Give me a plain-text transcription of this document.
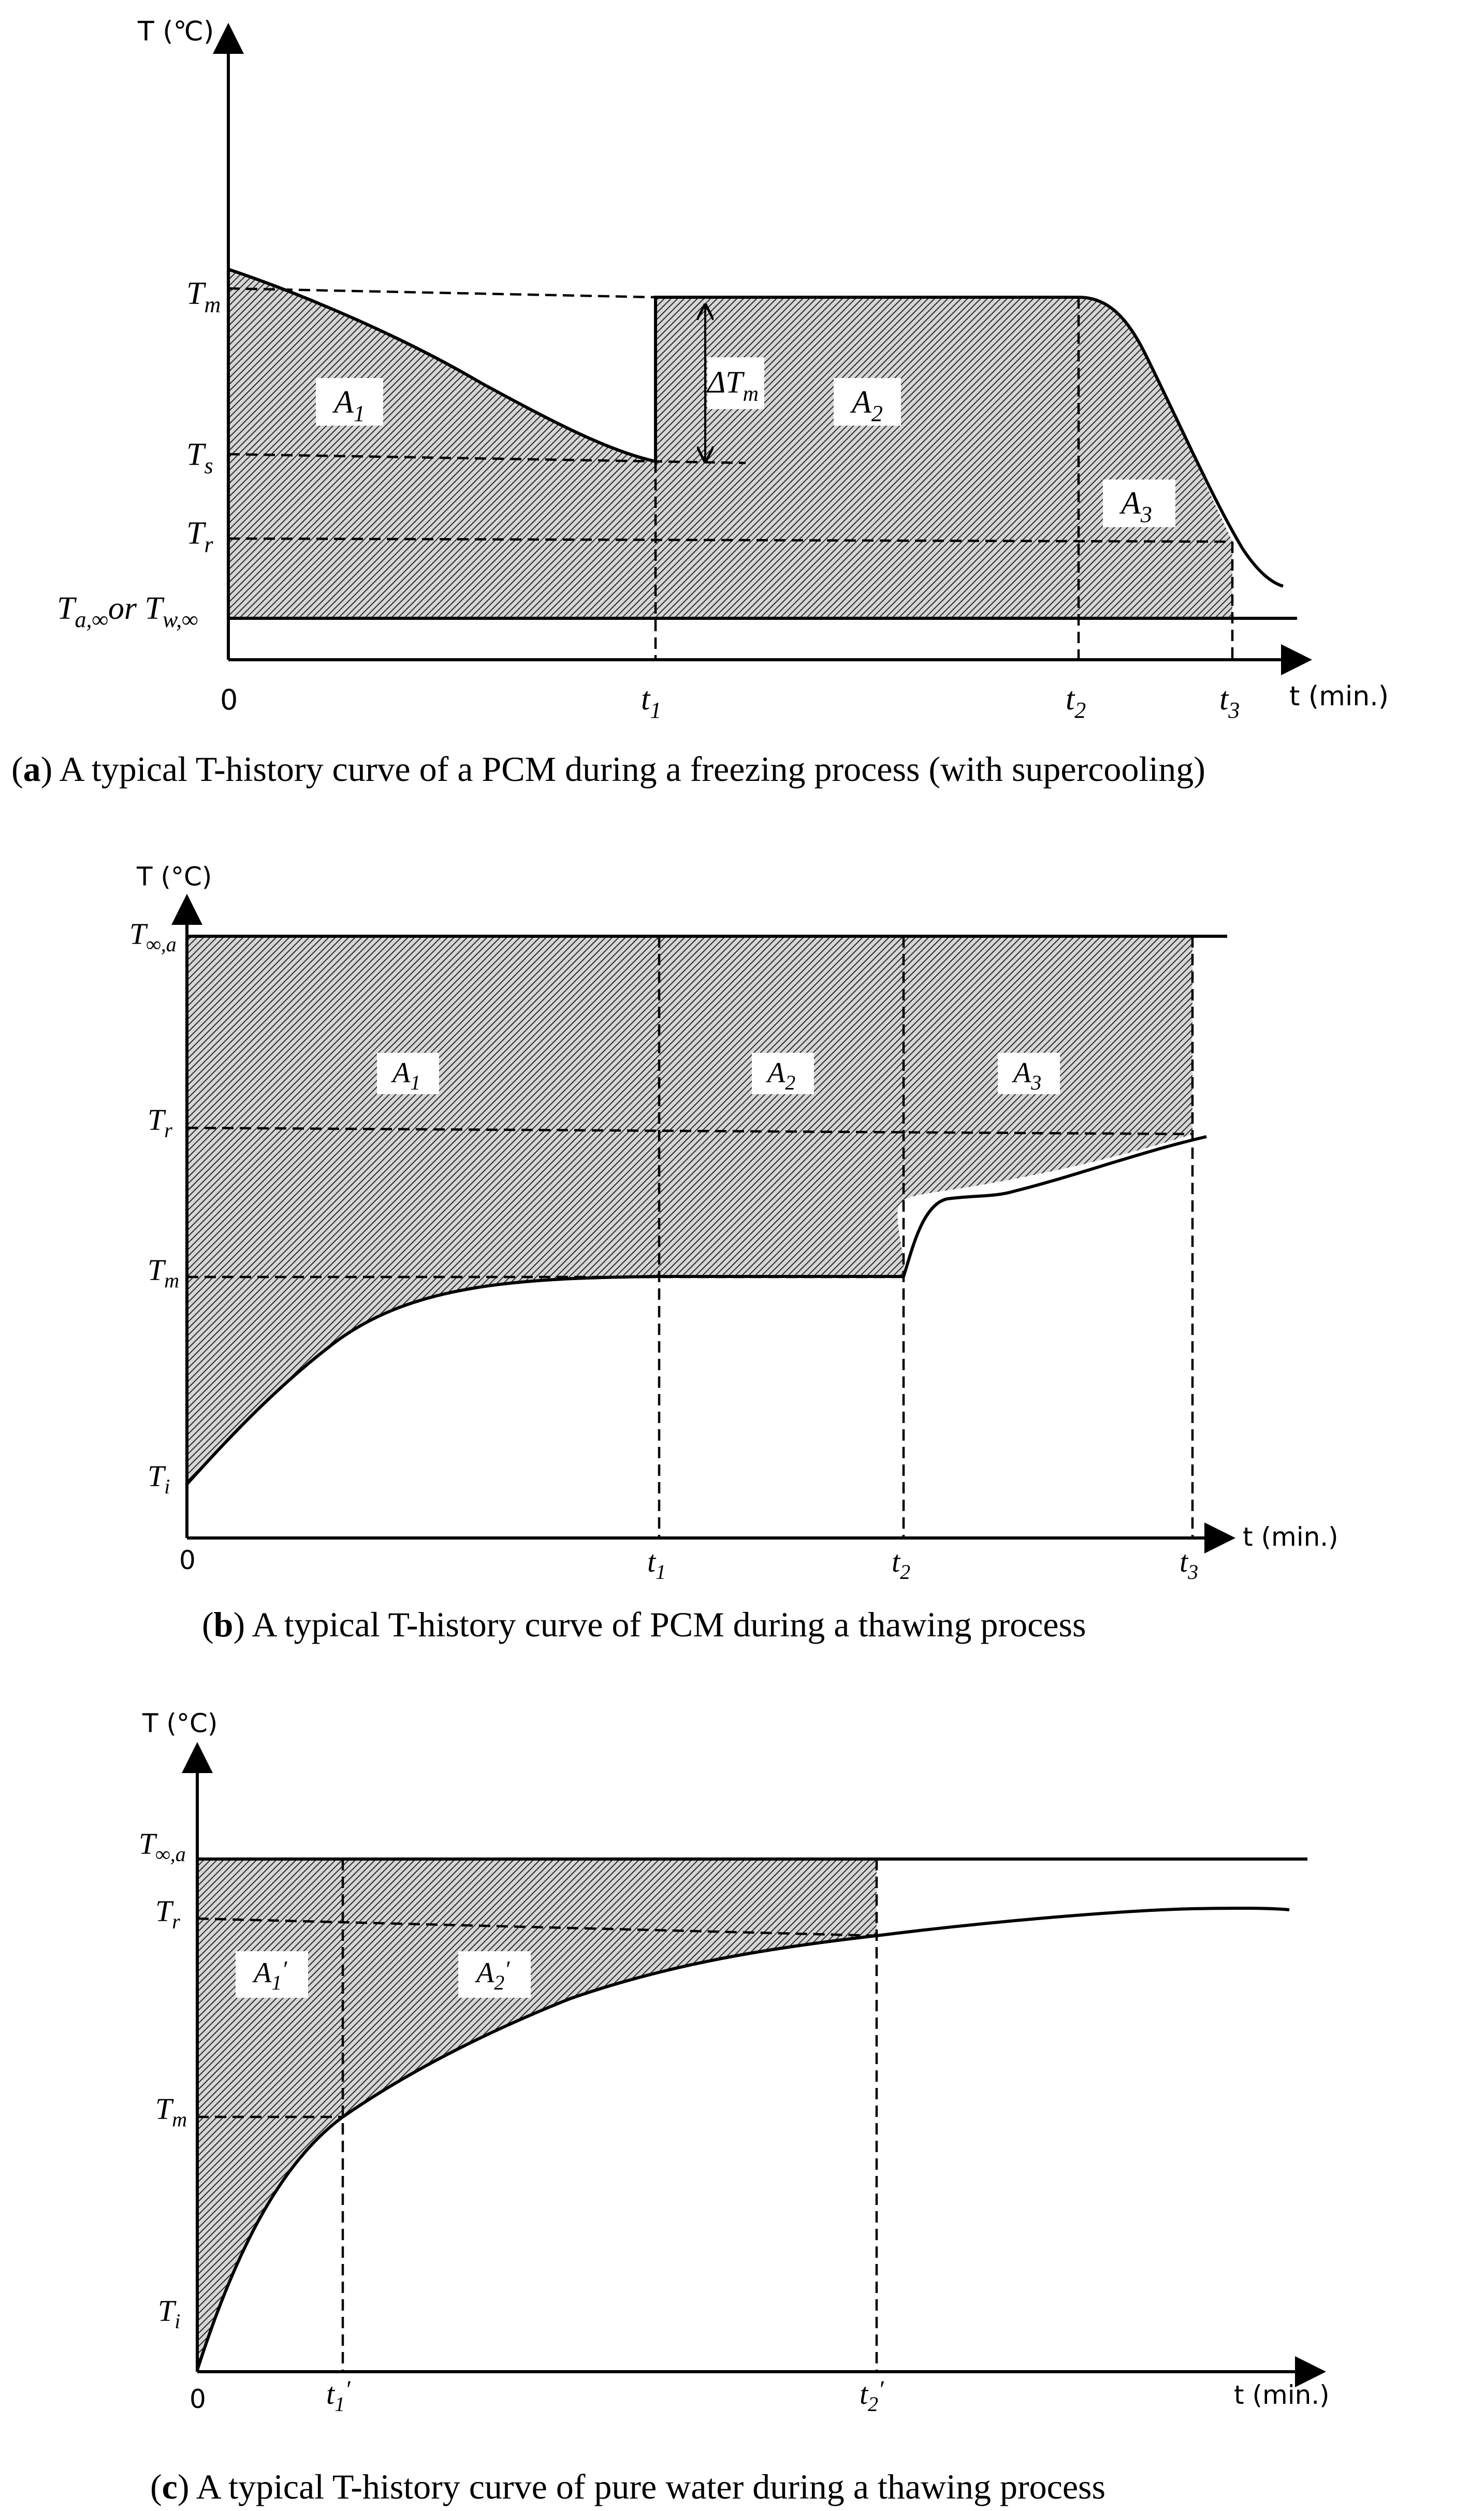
T (℃)
$T_m$
$T_s$
$T_r$
$T_{a,\infty}or$ $T_{w,\infty}$
0	$t_1$	$t_2$	$t_3$ t (min.)
$A_1$	$A_2$
$A_3$
$\Delta T_m$
(a) A typical T-history curve of a PCM during a freezing process (with supercooling)
T (°C)
$T_{\infty,a}$
$T_r$
$T_m$
$T_i$
0	$t_1$	$t_2$	$t_3$
t (min.)
$A_1$	$A_2$	$A_3$
(b) A typical T-history curve of PCM during a thawing process
T (°C)
$T_{\infty,a}$
$T_r$
$T_m$
$T_i$
0	$t_1'$	$t_2'$	t (min.)
$A_1'$	$A_2'$
(c) A typical T-history curve of pure water during a thawing process
